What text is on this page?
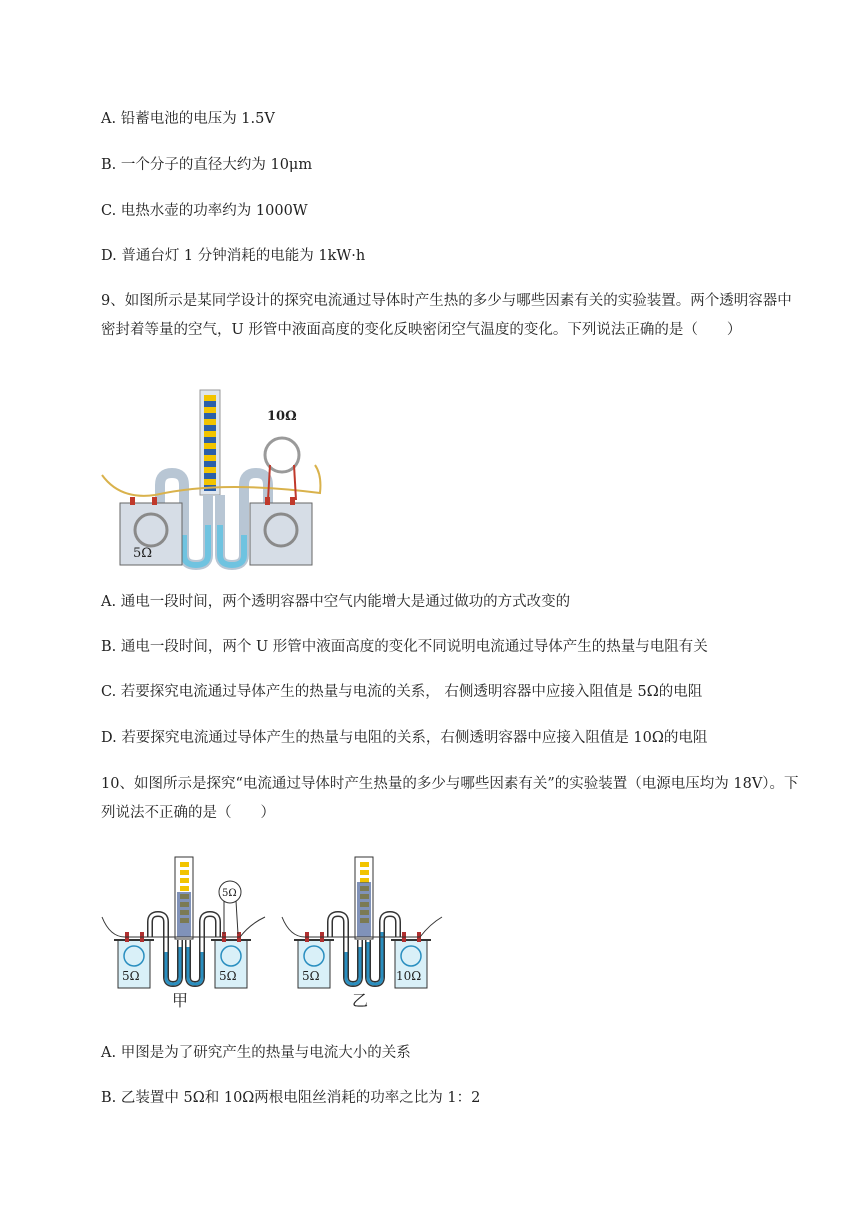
A. 铅蓄电池的电压为 1.5V
B. 一个分子的直径大约为 10μm
C. 电热水壶的功率约为 1000W
D. 普通台灯 1 分钟消耗的电能为 1kW·h
9、如图所示是某同学设计的探究电流通过导体时产生热的多少与哪些因素有关的实验装置。两个透明容器中密封着等量的空气，U 形管中液面高度的变化反映密闭空气温度的变化。下列说法正确的是（　　）
5Ω
10Ω
A. 通电一段时间，两个透明容器中空气内能增大是通过做功的方式改变的
B. 通电一段时间，两个 U 形管中液面高度的变化不同说明电流通过导体产生的热量与电阻有关
C. 若要探究电流通过导体产生的热量与电流的关系， 右侧透明容器中应接入阻值是 5Ω的电阻
D. 若要探究电流通过导体产生的热量与电阻的关系，右侧透明容器中应接入阻值是 10Ω的电阻
10、如图所示是探究“电流通过导体时产生热量的多少与哪些因素有关”的实验装置（电源电压均为 18V）。下列说法不正确的是（　　）
5Ω
5Ω	5Ω
甲
5Ω	10Ω
乙
A. 甲图是为了研究产生的热量与电流大小的关系
B. 乙装置中 5Ω和 10Ω两根电阻丝消耗的功率之比为 1：2
